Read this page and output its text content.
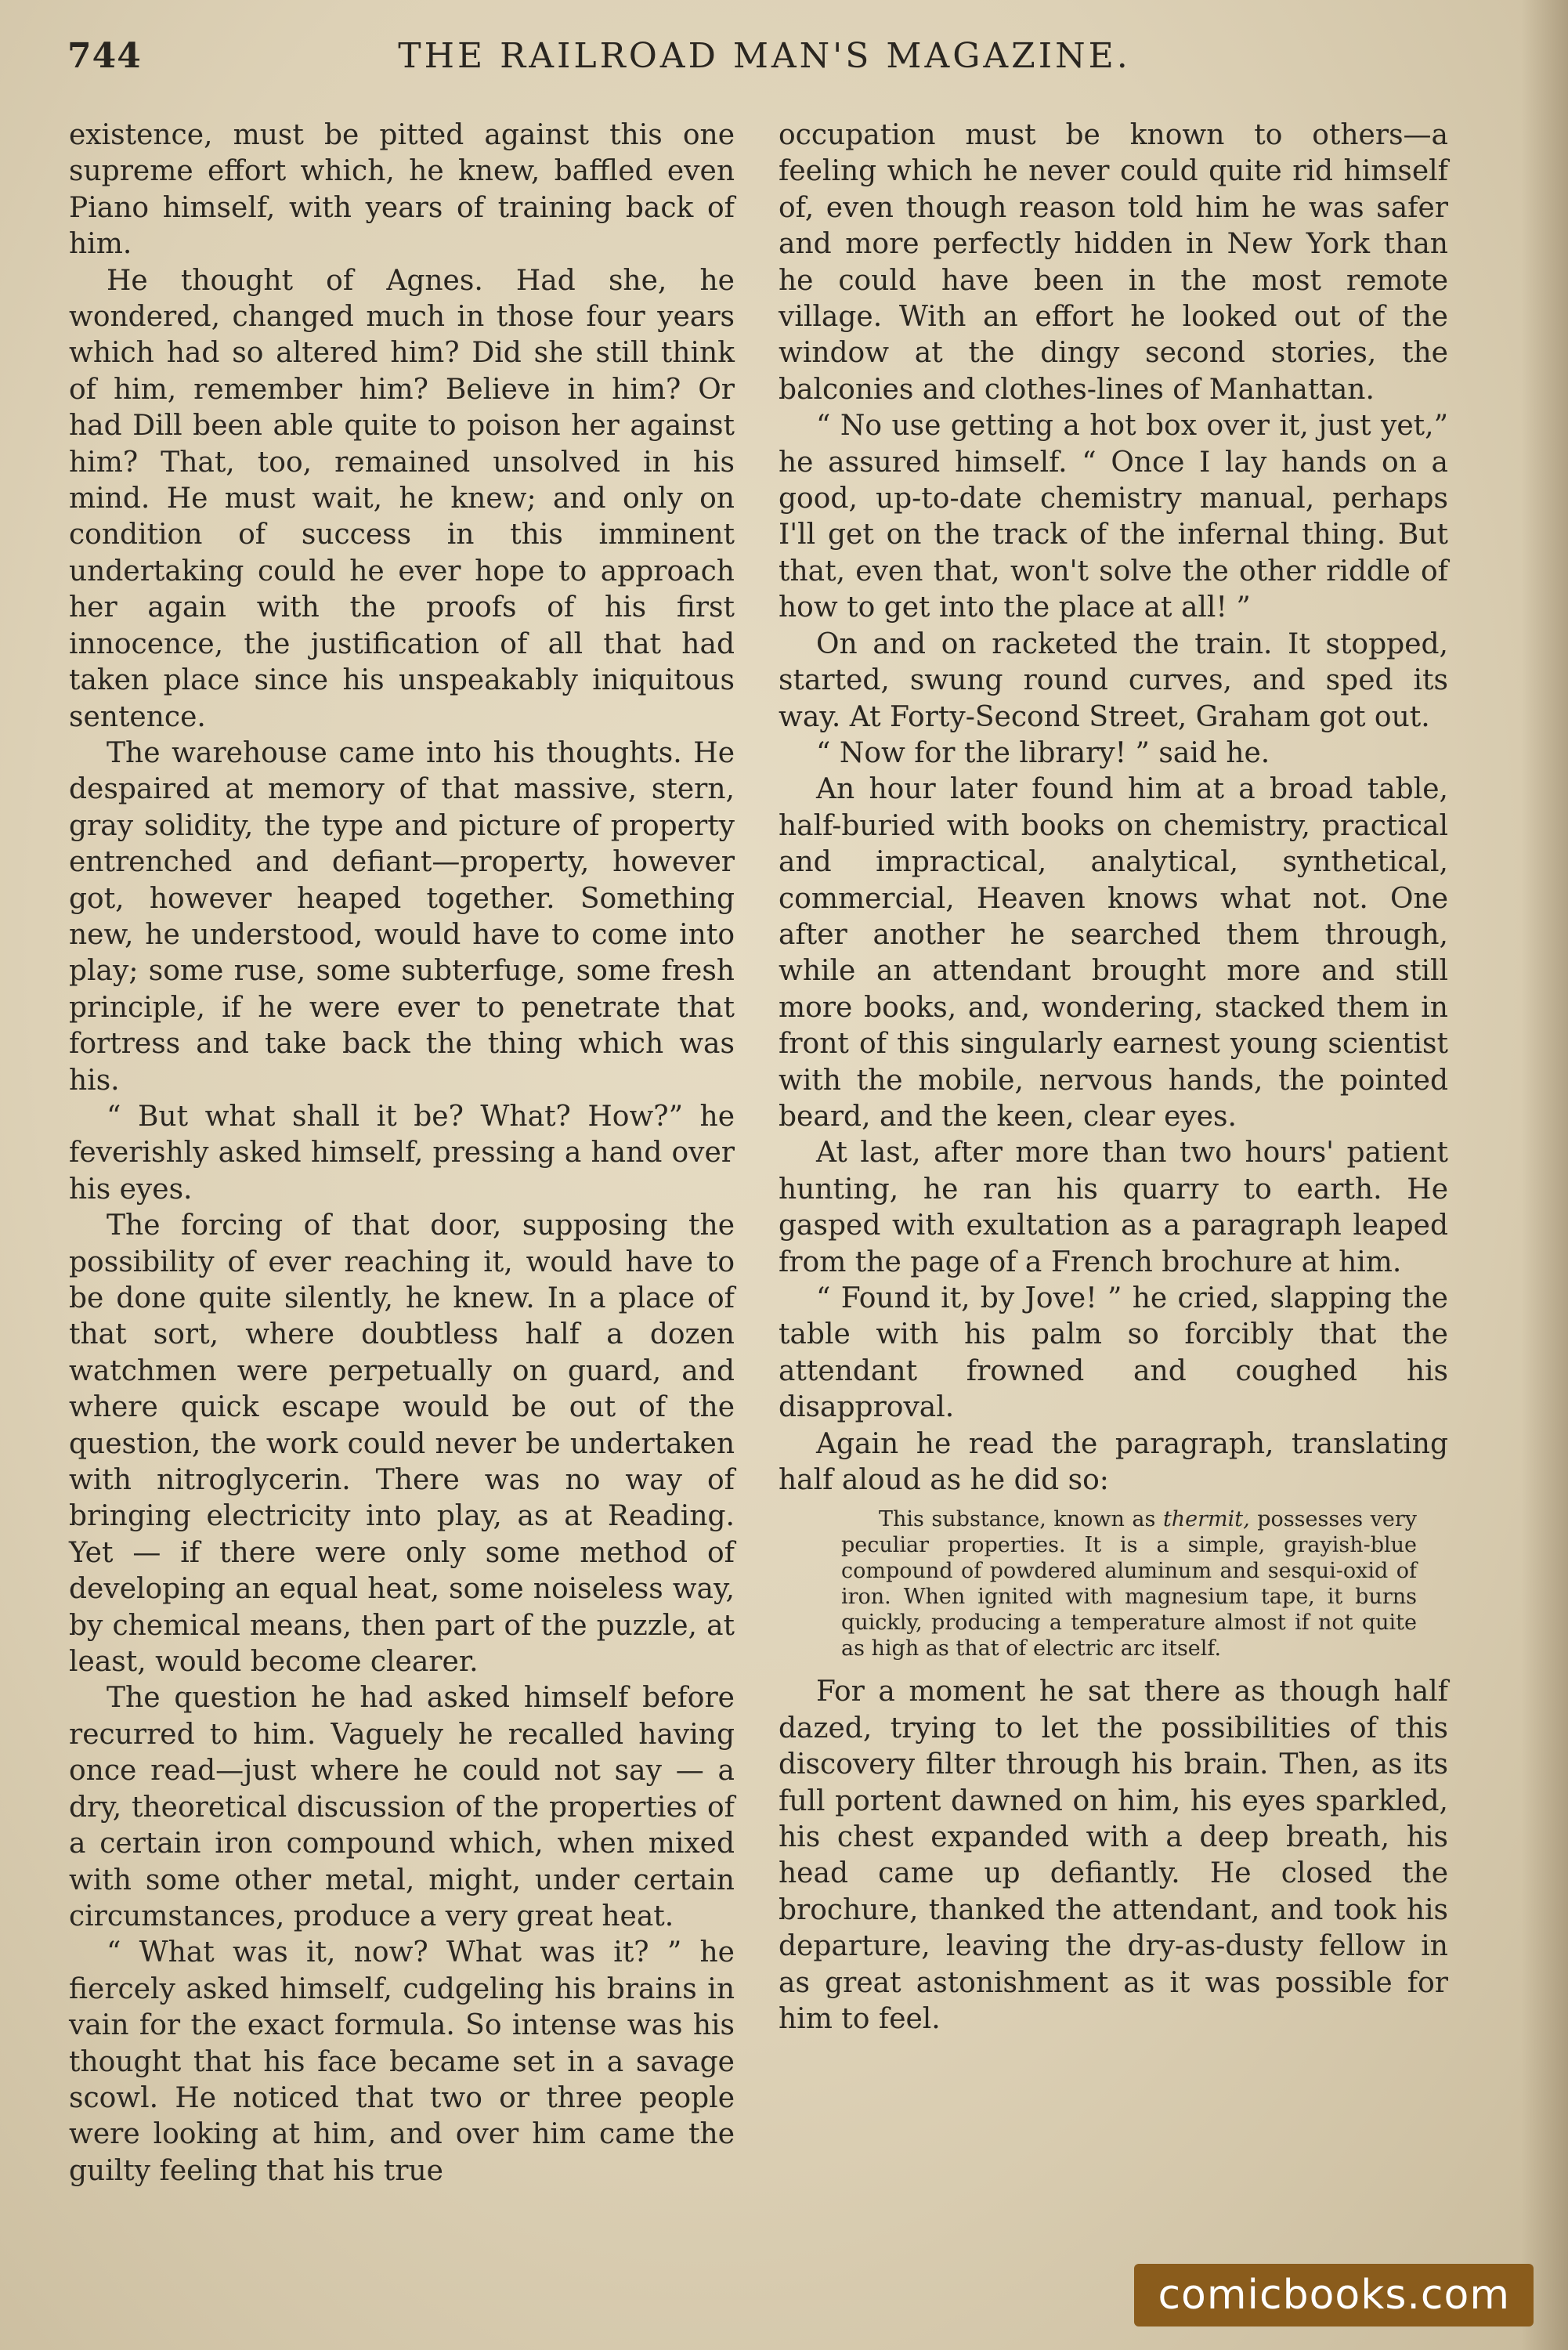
744	THE RAILROAD MAN'S MAGAZINE.

existence, must be pitted against this one supreme effort which, he knew, baffled even Piano himself, with years of training back of him.

He thought of Agnes. Had she, he wondered, changed much in those four years which had so altered him? Did she still think of him, remember him? Believe in him? Or had Dill been able quite to poison her against him? That, too, remained unsolved in his mind. He must wait, he knew; and only on condition of success in this imminent undertaking could he ever hope to approach her again with the proofs of his first innocence, the justification of all that had taken place since his unspeakably iniquitous sentence.

The warehouse came into his thoughts. He despaired at memory of that massive, stern, gray solidity, the type and picture of property entrenched and defiant—property, however got, however heaped together. Something new, he understood, would have to come into play; some ruse, some subterfuge, some fresh principle, if he were ever to penetrate that fortress and take back the thing which was his.

“ But what shall it be? What? How?” he feverishly asked himself, pressing a hand over his eyes.

The forcing of that door, supposing the possibility of ever reaching it, would have to be done quite silently, he knew. In a place of that sort, where doubtless half a dozen watchmen were perpetually on guard, and where quick escape would be out of the question, the work could never be undertaken with nitroglycerin. There was no way of bringing electricity into play, as at Reading. Yet — if there were only some method of developing an equal heat, some noiseless way, by chemical means, then part of the puzzle, at least, would become clearer.

The question he had asked himself before recurred to him. Vaguely he recalled having once read—just where he could not say — a dry, theoretical discussion of the properties of a certain iron compound which, when mixed with some other metal, might, under certain circumstances, produce a very great heat.

“ What was it, now? What was it? ” he fiercely asked himself, cudgeling his brains in vain for the exact formula. So intense was his thought that his face became set in a savage scowl. He noticed that two or three people were looking at him, and over him came the guilty feeling that his true

occupation must be known to others—a feeling which he never could quite rid himself of, even though reason told him he was safer and more perfectly hidden in New York than he could have been in the most remote village. With an effort he looked out of the window at the dingy second stories, the balconies and clothes-lines of Manhattan.

“ No use getting a hot box over it, just yet,” he assured himself. “ Once I lay hands on a good, up-to-date chemistry manual, perhaps I'll get on the track of the infernal thing. But that, even that, won't solve the other riddle of how to get into the place at all! ”

On and on racketed the train. It stopped, started, swung round curves, and sped its way. At Forty-Second Street, Graham got out.

“ Now for the library! ” said he.

An hour later found him at a broad table, half-buried with books on chemistry, practical and impractical, analytical, synthetical, commercial, Heaven knows what not. One after another he searched them through, while an attendant brought more and still more books, and, wondering, stacked them in front of this singularly earnest young scientist with the mobile, nervous hands, the pointed beard, and the keen, clear eyes.

At last, after more than two hours' patient hunting, he ran his quarry to earth. He gasped with exultation as a paragraph leaped from the page of a French brochure at him.

“ Found it, by Jove! ” he cried, slapping the table with his palm so forcibly that the attendant frowned and coughed his disapproval.

Again he read the paragraph, translating half aloud as he did so:

This substance, known as thermit, possesses very peculiar properties. It is a simple, grayish-blue compound of powdered aluminum and sesqui-oxid of iron. When ignited with magnesium tape, it burns quickly, producing a temperature almost if not quite as high as that of electric arc itself.

For a moment he sat there as though half dazed, trying to let the possibilities of this discovery filter through his brain. Then, as its full portent dawned on him, his eyes sparkled, his chest expanded with a deep breath, his head came up defiantly. He closed the brochure, thanked the attendant, and took his departure, leaving the dry-as-dusty fellow in as great astonishment as it was possible for him to feel.

comicbooks.com
